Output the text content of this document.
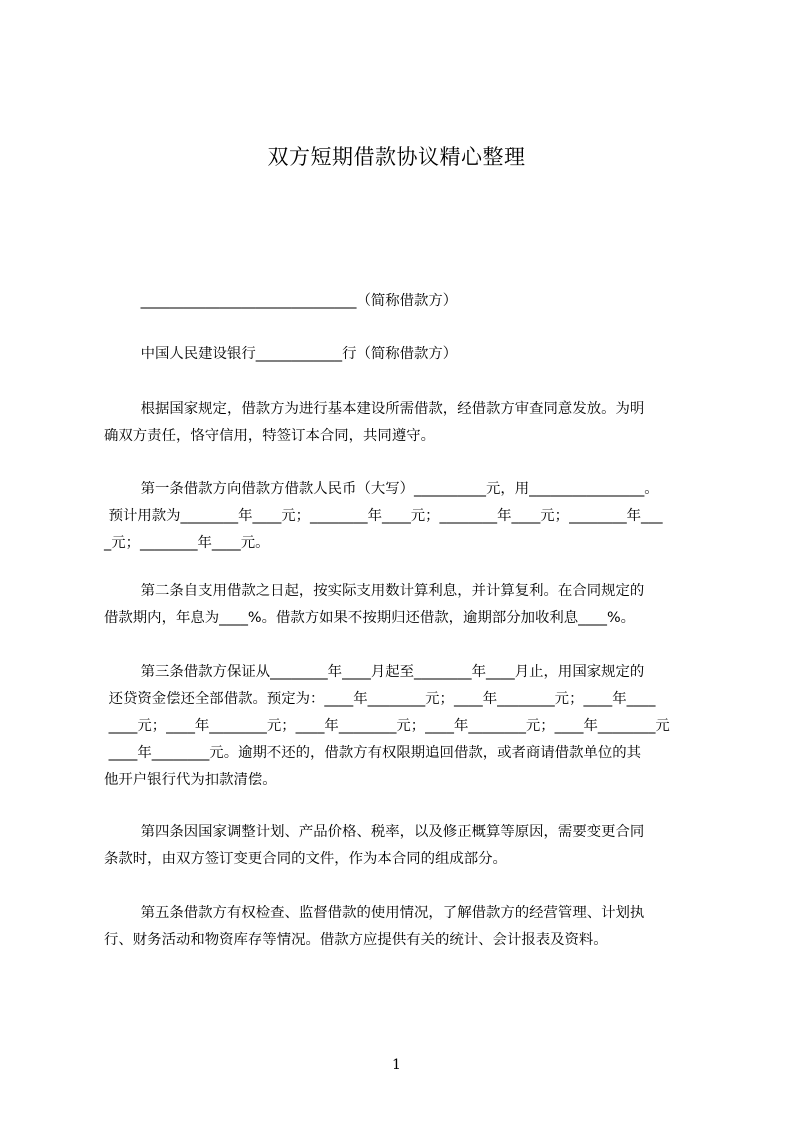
双方短期借款协议精心整理
______________________________（简称借款方）
中国人民建设银行____________行（简称借款方）
根据国家规定，借款方为进行基本建设所需借款，经借款方审查同意发放。为明
确双方责任，恪守信用，特签订本合同，共同遵守。
第一条借款方向借款方借款人民币（大写）__________元，用________________。
预计用款为________年____元；________年____元；________年____元；________年___
_元；________年____元。
第二条自支用借款之日起，按实际支用数计算利息，并计算复利。在合同规定的
借款期内，年息为____%。借款方如果不按期归还借款，逾期部分加收利息____%。
第三条借款方保证从________年____月起至________年____月止，用国家规定的
还贷资金偿还全部借款。预定为：____年________元；____年________元；____年____
____元；____年________元；____年________元；____年________元；____年________元
____年________元。逾期不还的，借款方有权限期追回借款，或者商请借款单位的其
他开户银行代为扣款清偿。
第四条因国家调整计划、产品价格、税率，以及修正概算等原因，需要变更合同
条款时，由双方签订变更合同的文件，作为本合同的组成部分。
第五条借款方有权检查、监督借款的使用情况，了解借款方的经营管理、计划执
行、财务活动和物资库存等情况。借款方应提供有关的统计、会计报表及资料。
1
